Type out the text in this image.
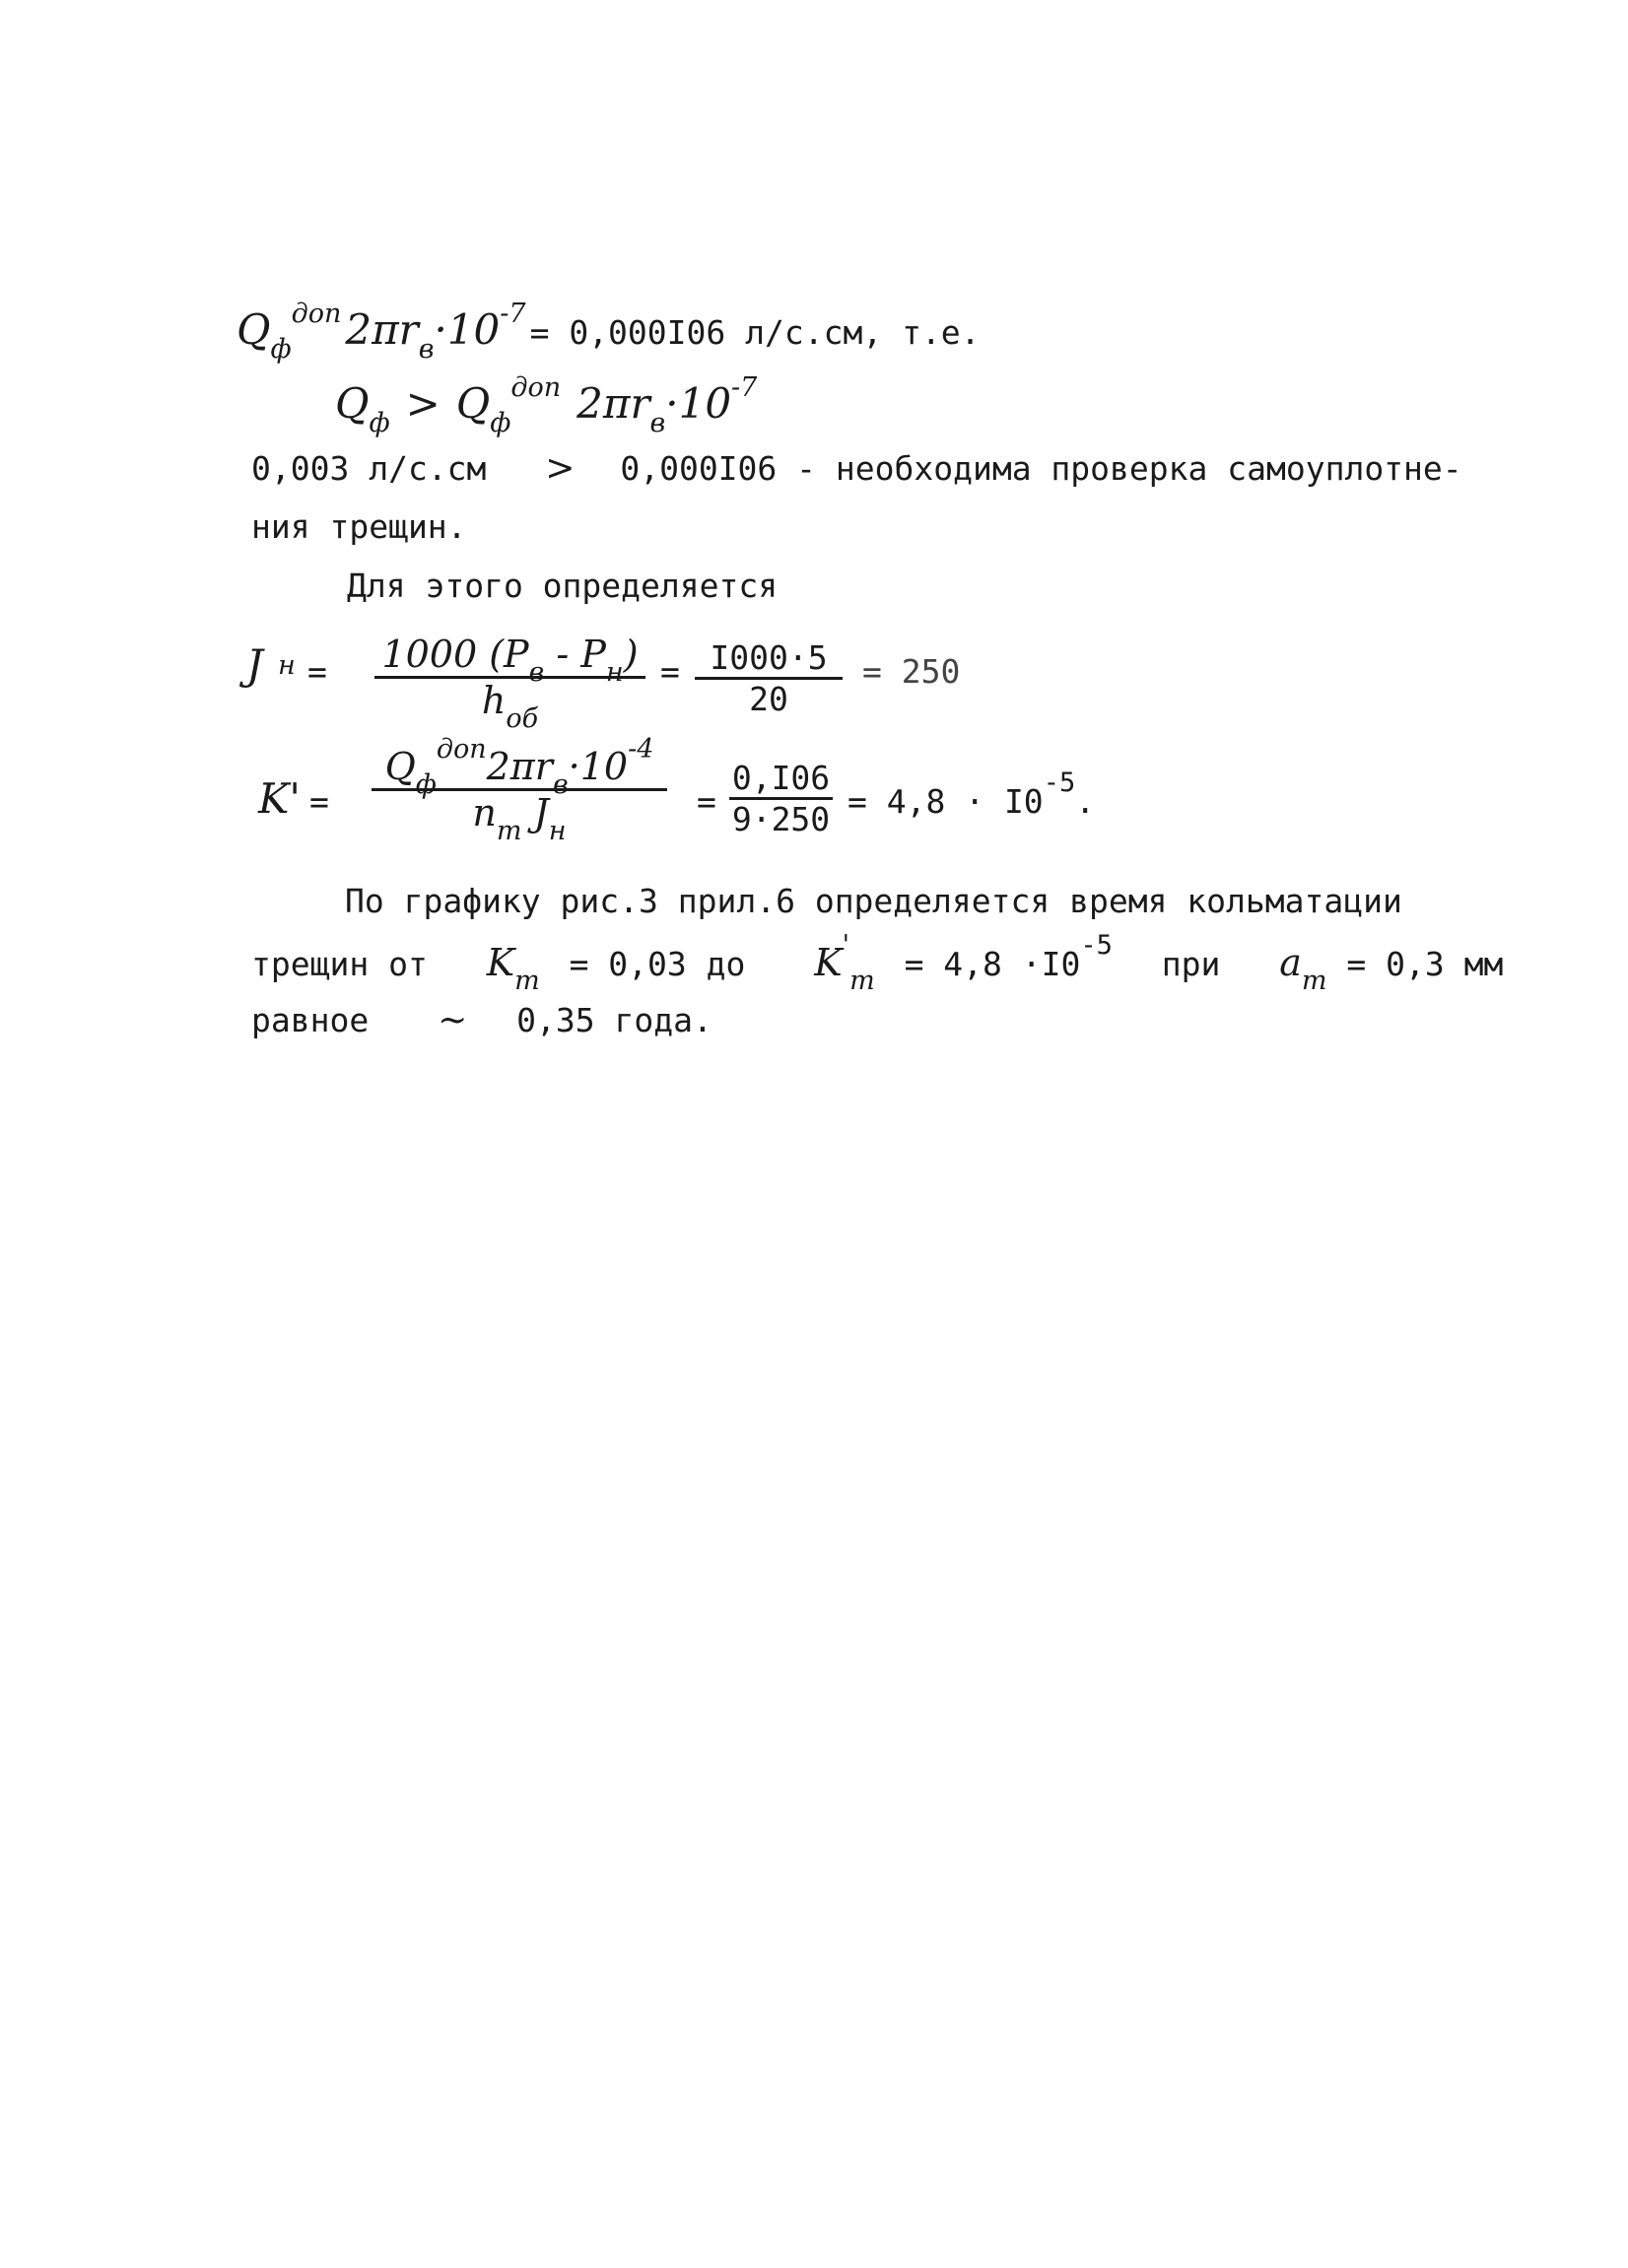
Qфдоп 2πrв·10-7 = 0,000I06 л/с.см, т.е.
Qф > Qфдоп 2πrв·10-7
0,003 л/с.см > 0,000I06 - необходима проверка самоуплотне-
ния трещин.
Для этого определяется
J н = 1000 $(P_в - P_н)$
$h_{об}$
= I000·5
20
= 250
K' =
$Q_ф^{доп}2\pi r_в\cdot 10^{-4}$
$n_т$ $J_н$
=
0,I06
$9\cdot 250 = 4,8 \cdot I0^{-5}$.
По графику рис.3 прил.6 определяется время кольматации
трещин от $K_т = 0,03$ до $K'_т = 4,8 \cdot I0^{-5}$ при $a_т = 0,3$ мм
равное ~ 0,35 года.
